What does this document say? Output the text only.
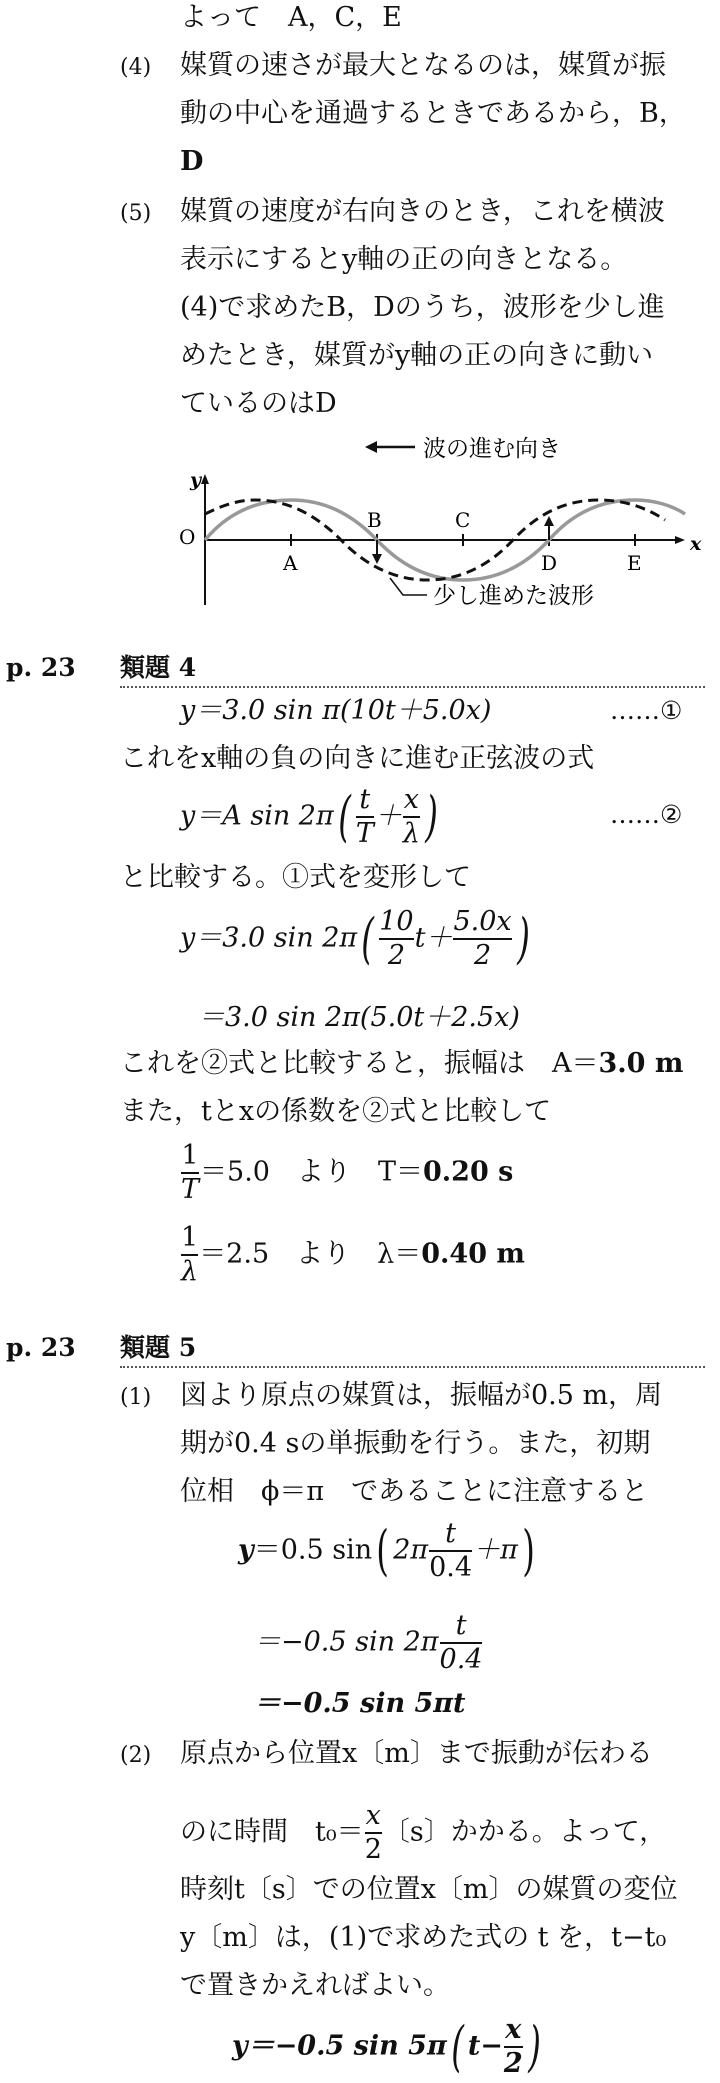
よって　A，C，E
(4) 媒質の速さが最大となるのは，媒質が振
動の中心を通過するときであるから，B，
D
(5) 媒質の速度が右向きのとき，これを横波
表示にするとy軸の正の向きとなる。
(4)で求めたB，Dのうち，波形を少し進
めたとき，媒質がy軸の正の向きに動い
ているのはD
波の進む向き
y
x
O
A
B	C
D	E
少し進めた波形
p. 23 類題 4
y＝3.0 sin π(10t＋5.0x)	……①
これをx軸の負の向きに進む正弦波の式
y＝A $\sin 2\pi( \frac{t}{T} + \frac{x}{\lambda}$ )	……②
と比較する。①式を変形して
y＝3.0 $\sin 2\pi( \frac{10}{2} t+ \frac{5.0x}{2}$ )
＝3.0 sin 2π(5.0t＋2.5x)
これを②式と比較すると，振幅は　A＝3.0 m
また，tとxの係数を②式と比較して
$\frac{1}{T} =5.0$　より　T＝0.20 s
$\frac{1}{\lambda} =2.5$　より　λ＝0.40 m
p. 23 類題 5
(1) 図より原点の媒質は，振幅が0.5 m，周
期が0.4 sの単振動を行う。また，初期
位相　ϕ＝π　であることに注意すると
y＝0.5 sin( $2\pi \frac{t}{0.4} +\pi$)
＝−0.5 $\sin 2\pi \frac{t}{0.4}$
＝−0.5 sin 5πt
(2) 原点から位置x〔m〕まで振動が伝わる
のに時間　$t_0= \frac{x}{2}$ 〔s〕かかる。よって，
時刻t〔s〕での位置x〔m〕の媒質の変位
y〔m〕は，(1)で求めた式の t を，t−t₀
で置きかえればよい。
y＝−0.5 sin 5π( $t- \frac{x}{2}$ )
